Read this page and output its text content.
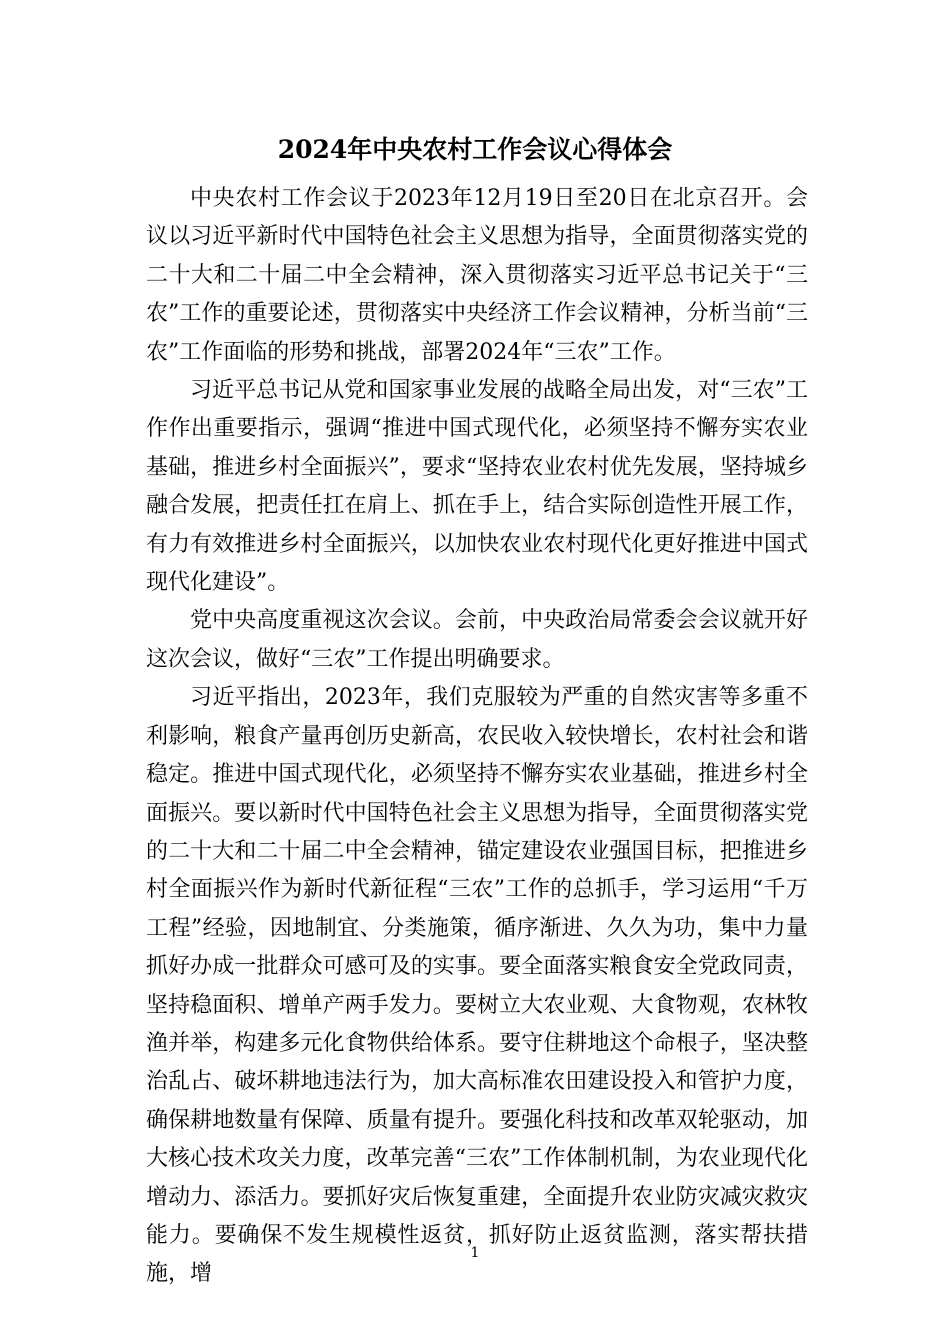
2024年中央农村工作会议心得体会

中央农村工作会议于2023年12月19日至20日在北京召开。会议以习近平新时代中国特色社会主义思想为指导，全面贯彻落实党的二十大和二十届二中全会精神，深入贯彻落实习近平总书记关于“三农”工作的重要论述，贯彻落实中央经济工作会议精神，分析当前“三农”工作面临的形势和挑战，部署2024年“三农”工作。

习近平总书记从党和国家事业发展的战略全局出发，对“三农”工作作出重要指示，强调“推进中国式现代化，必须坚持不懈夯实农业基础，推进乡村全面振兴”，要求“坚持农业农村优先发展，坚持城乡融合发展，把责任扛在肩上、抓在手上，结合实际创造性开展工作，有力有效推进乡村全面振兴，以加快农业农村现代化更好推进中国式现代化建设”。

党中央高度重视这次会议。会前，中央政治局常委会会议就开好这次会议，做好“三农”工作提出明确要求。

习近平指出，2023年，我们克服较为严重的自然灾害等多重不利影响，粮食产量再创历史新高，农民收入较快增长，农村社会和谐稳定。推进中国式现代化，必须坚持不懈夯实农业基础，推进乡村全面振兴。要以新时代中国特色社会主义思想为指导，全面贯彻落实党的二十大和二十届二中全会精神，锚定建设农业强国目标，把推进乡村全面振兴作为新时代新征程“三农”工作的总抓手，学习运用“千万工程”经验，因地制宜、分类施策，循序渐进、久久为功，集中力量抓好办成一批群众可感可及的实事。要全面落实粮食安全党政同责，坚持稳面积、增单产两手发力。要树立大农业观、大食物观，农林牧渔并举，构建多元化食物供给体系。要守住耕地这个命根子，坚决整治乱占、破坏耕地违法行为，加大高标准农田建设投入和管护力度，确保耕地数量有保障、质量有提升。要强化科技和改革双轮驱动，加大核心技术攻关力度，改革完善“三农”工作体制机制，为农业现代化增动力、添活力。要抓好灾后恢复重建，全面提升农业防灾减灾救灾能力。要确保不发生规模性返贫，抓好防止返贫监测，落实帮扶措施，增

1
